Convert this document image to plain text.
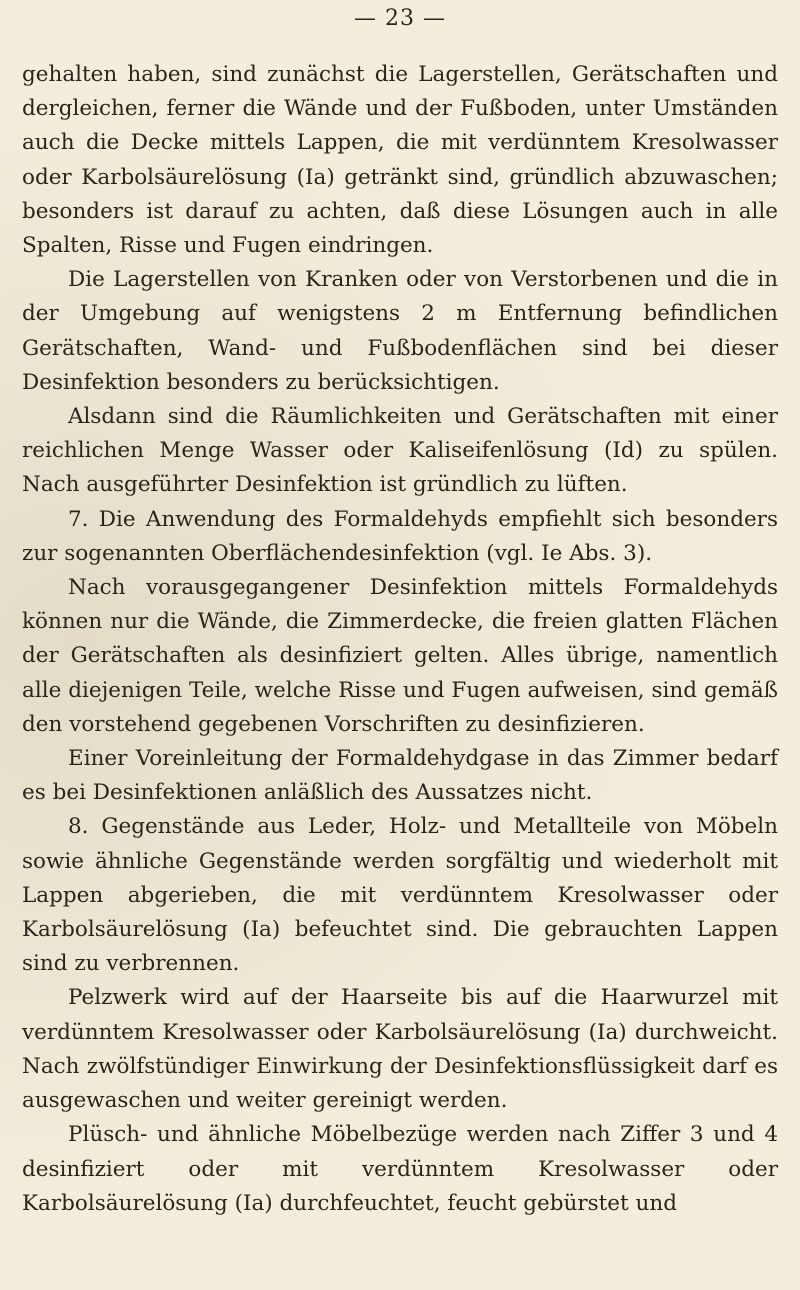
— 23 —

gehalten haben, sind zunächst die Lagerstellen, Gerätschaften und dergleichen, ferner die Wände und der Fußboden, unter Umständen auch die Decke mittels Lappen, die mit verdünntem Kresolwasser oder Karbolsäurelösung (Ia) getränkt sind, gründlich abzuwaschen; besonders ist darauf zu achten, daß diese Lösungen auch in alle Spalten, Risse und Fugen eindringen.

Die Lagerstellen von Kranken oder von Verstorbenen und die in der Umgebung auf wenigstens 2 m Entfernung befindlichen Gerätschaften, Wand- und Fußbodenflächen sind bei dieser Desinfektion besonders zu berücksichtigen.

Alsdann sind die Räumlichkeiten und Gerätschaften mit einer reichlichen Menge Wasser oder Kaliseifenlösung (Id) zu spülen. Nach ausgeführter Desinfektion ist gründlich zu lüften.

7. Die Anwendung des Formaldehyds empfiehlt sich besonders zur sogenannten Oberflächendesinfektion (vgl. Ie Abs. 3).

Nach vorausgegangener Desinfektion mittels Formaldehyds können nur die Wände, die Zimmerdecke, die freien glatten Flächen der Gerätschaften als desinfiziert gelten. Alles übrige, namentlich alle diejenigen Teile, welche Risse und Fugen aufweisen, sind gemäß den vorstehend gegebenen Vorschriften zu desinfizieren.

Einer Voreinleitung der Formaldehydgase in das Zimmer bedarf es bei Desinfektionen anläßlich des Aussatzes nicht.

8. Gegenstände aus Leder, Holz- und Metallteile von Möbeln sowie ähnliche Gegenstände werden sorgfältig und wiederholt mit Lappen abgerieben, die mit verdünntem Kresolwasser oder Karbolsäurelösung (Ia) befeuchtet sind. Die gebrauchten Lappen sind zu verbrennen.

Pelzwerk wird auf der Haarseite bis auf die Haarwurzel mit verdünntem Kresolwasser oder Karbolsäurelösung (Ia) durchweicht. Nach zwölfstündiger Einwirkung der Desinfektionsflüssigkeit darf es ausgewaschen und weiter gereinigt werden.

Plüsch- und ähnliche Möbelbezüge werden nach Ziffer 3 und 4 desinfiziert oder mit verdünntem Kresolwasser oder Karbolsäurelösung (Ia) durchfeuchtet, feucht gebürstet und
